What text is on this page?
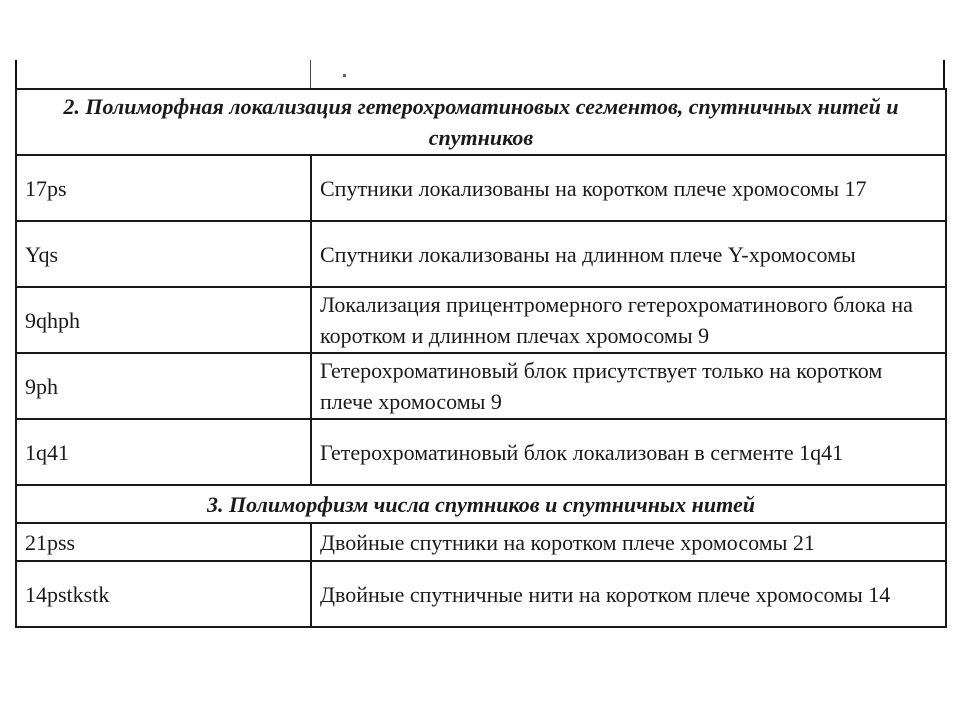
2. Полиморфная локализация гетерохроматиновых сегментов, спутничных нитей и спутников	
17ps	Спутники локализованы на коротком плече хромосомы 17
Yqs	Спутники локализованы на длинном плече Y-хромосомы
9qhph	Локализация прицентромерного гетерохроматинового блока на коротком и длинном плечах хромосомы 9
9ph	Гетерохроматиновый блок присутствует только на коротком плече хромосомы 9
1q41	Гетерохроматиновый блок локализован в сегменте 1q41
3. Полиморфизм числа спутников и спутничных нитей	
21pss	Двойные спутники на коротком плече хромосомы 21
14pstkstk	Двойные спутничные нити на коротком плече хромосомы 14
